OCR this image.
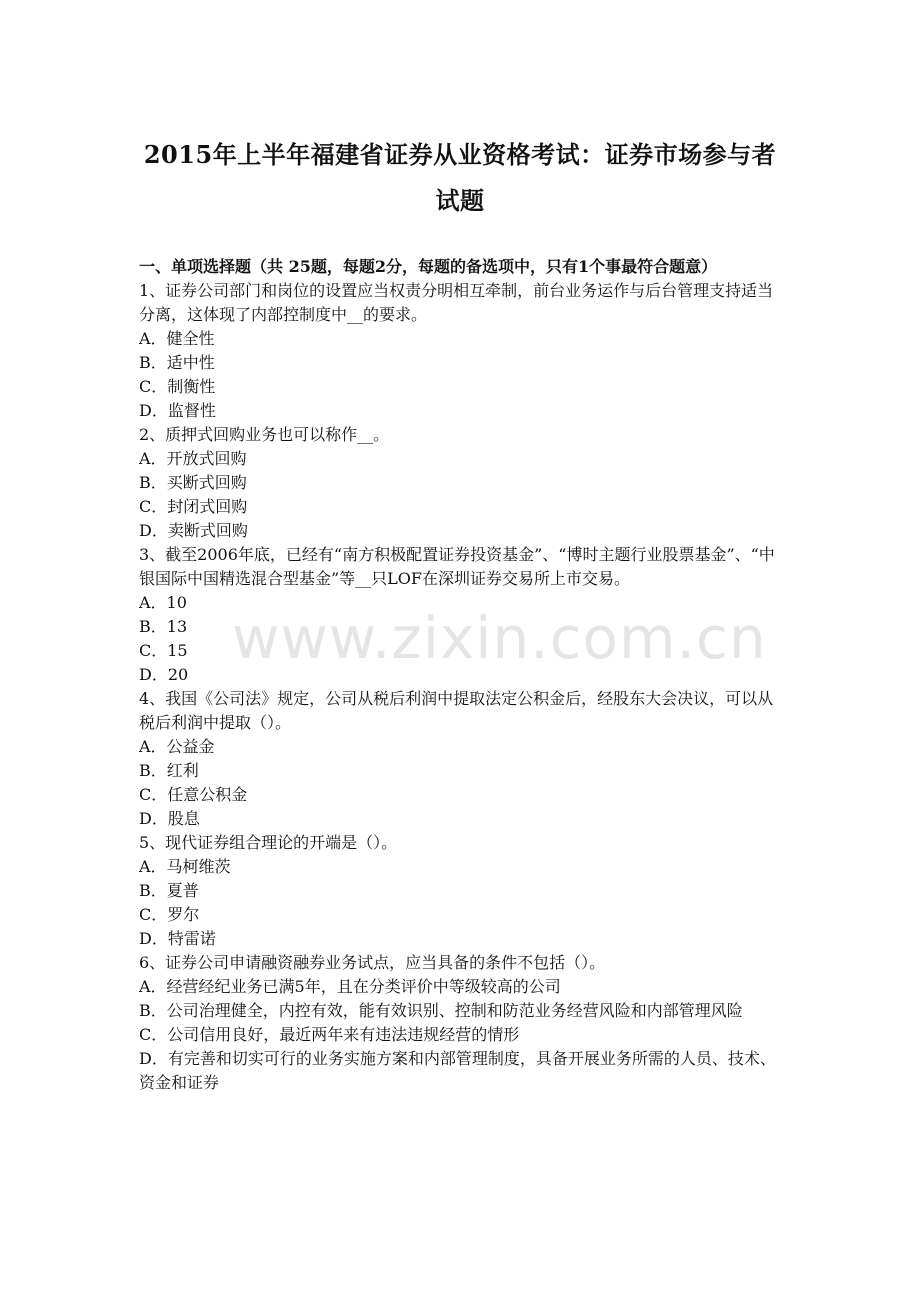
2015年上半年福建省证券从业资格考试：证券市场参与者

试题

一、单项选择题（共 25题，每题2分，每题的备选项中，只有1个事最符合题意）

1、证券公司部门和岗位的设置应当权责分明相互牵制，前台业务运作与后台管理支持适当分离，这体现了内部控制度中__的要求。

A．健全性

B．适中性

C．制衡性

D．监督性

2、质押式回购业务也可以称作__。

A．开放式回购

B．买断式回购

C．封闭式回购

D．卖断式回购

3、截至2006年底，已经有“南方积极配置证券投资基金”、“博时主题行业股票基金”、“中银国际中国精选混合型基金”等__只LOF在深圳证券交易所上市交易。

A．10

B．13

C．15

D．20

4、我国《公司法》规定，公司从税后利润中提取法定公积金后，经股东大会决议，可以从税后利润中提取（）。

A．公益金

B．红利

C．任意公积金

D．股息

5、现代证券组合理论的开端是（）。

A．马柯维茨

B．夏普

C．罗尔

D．特雷诺

6、证券公司申请融资融券业务试点，应当具备的条件不包括（）。

A．经营经纪业务已满5年，且在分类评价中等级较高的公司

B．公司治理健全，内控有效，能有效识别、控制和防范业务经营风险和内部管理风险

C．公司信用良好，最近两年来有违法违规经营的情形

D．有完善和切实可行的业务实施方案和内部管理制度，具备开展业务所需的人员、技术、资金和证券

www.zixin.com.cn
